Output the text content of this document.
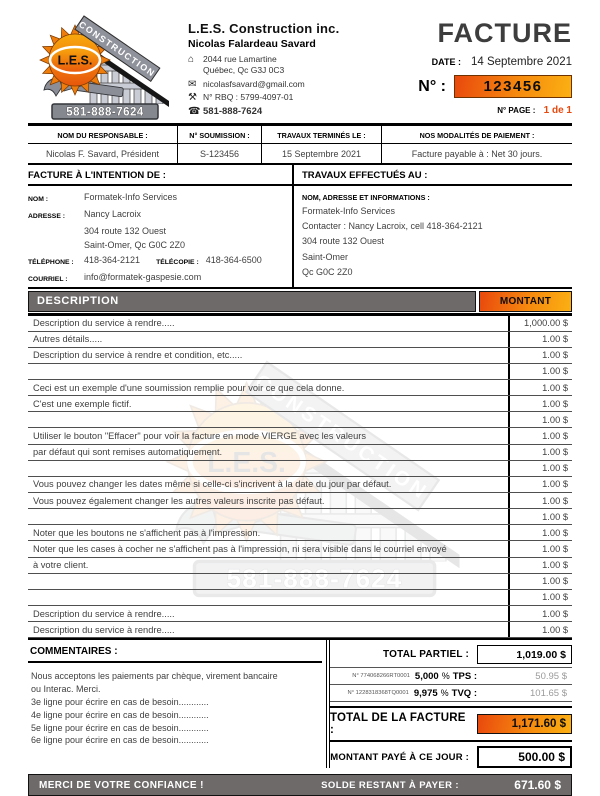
L.E.S. Construction inc.
Nicolas Falardeau Savard
⌂	2044 rue Lamartine
Québec, Qc G3J 0C3
✉ nicolasfsavard@gmail.com
⚒ N° RBQ : 5799-4097-01
☎ 581-888-7624
FACTURE
DATE : 14 Septembre 2021
N° :	123456
N° PAGE : 1 de 1
NOM DU RESPONSABLE :	N° SOUMISSION :	TRAVAUX TERMINÉS LE :	NOS MODALITÉS DE PAIEMENT :
Nicolas F. Savard, Président	S-123456	15 Septembre 2021	Facture payable à : Net 30 jours.
FACTURE À L'INTENTION DE :
NOM :	Formatek-Info Services
ADRESSE :	Nancy Lacroix
304 route 132 Ouest
Saint-Omer, Qc G0C 2Z0
TÉLÉPHONE :	418-364-2121 TÉLÉCOPIE : 418-364-6500
COURRIEL :	info@formatek-gaspesie.com
TRAVAUX EFFECTUÉS AU :
NOM, ADRESSE ET INFORMATIONS :
Formatek-Info Services
Contacter : Nancy Lacroix, cell 418-364-2121
304 route 132 Ouest
Saint-Omer
Qc G0C 2Z0
DESCRIPTION	MONTANT
Description du service à rendre.....	1,000.00 $
Autres détails.....	1.00 $
Description du service à rendre et condition, etc.....	1.00 $
1.00 $
Ceci est un exemple d'une soumission remplie pour voir ce que cela donne.	1.00 $
C'est une exemple fictif.	1.00 $
1.00 $
Utiliser le bouton "Effacer" pour voir la facture en mode VIERGE avec les valeurs	1.00 $
par défaut qui sont remises automatiquement.	1.00 $
1.00 $
Vous pouvez changer les dates même si celle-ci s'incrivent à la date du jour par défaut.	1.00 $
Vous pouvez également changer les autres valeurs inscrite pas défaut.	1.00 $
1.00 $
Noter que les boutons ne s'affichent pas à l'impression.	1.00 $
Noter que les cases à cocher ne s'affichent pas à l'impression, ni sera visible dans le courriel envoyé	1.00 $
à votre client.	1.00 $
1.00 $
1.00 $
Description du service à rendre.....	1.00 $
Description du service à rendre.....	1.00 $
COMMENTAIRES :
Nous acceptons les paiements par chèque, virement bancaire
ou Interac. Merci.
3e ligne pour écrire en cas de besoin............
4e ligne pour écrire en cas de besoin............
5e ligne pour écrire en cas de besoin............
6e ligne pour écrire en cas de besoin............
TOTAL PARTIEL :	1,019.00 $
N° 774068266RT0001 5,000 % TPS :	50.95 $
N° 1228318368TQ0001 9,975 % TVQ :	101.65 $
TOTAL DE LA FACTURE :	1,171.60 $
MONTANT PAYÉ À CE JOUR :	500.00 $
MERCI DE VOTRE CONFIANCE !	SOLDE RESTANT À PAYER :	671.60 $
